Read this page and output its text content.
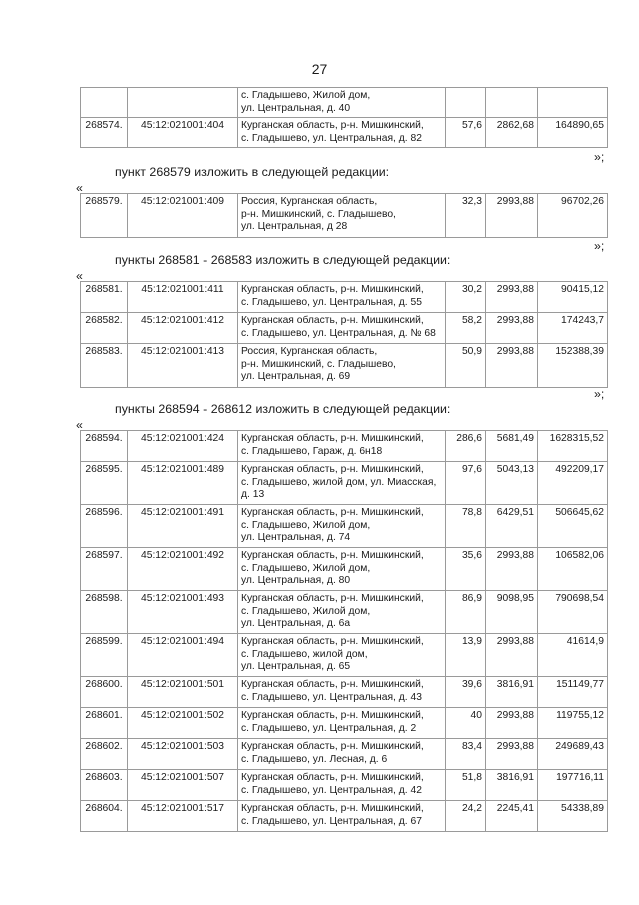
27
		с. Гладышево, Жилой дом,
ул. Центральная, д. 40			
268574.	45:12:021001:404	Курганская область, р-н. Мишкинский,
с. Гладышево, ул. Центральная, д. 82	57,6	2862,68	164890,65
»;
пункт 268579 изложить в следующей редакции:
«
268579.	45:12:021001:409	Россия, Курганская область,
р-н. Мишкинский, с. Гладышево,
ул. Центральная, д 28	32,3	2993,88	96702,26
»;
пункты 268581 - 268583 изложить в следующей редакции:
«
268581.	45:12:021001:411	Курганская область, р-н. Мишкинский,
с. Гладышево, ул. Центральная, д. 55	30,2	2993,88	90415,12
268582.	45:12:021001:412	Курганская область, р-н. Мишкинский,
с. Гладышево, ул. Центральная, д. № 68	58,2	2993,88	174243,7
268583.	45:12:021001:413	Россия, Курганская область,
р-н. Мишкинский, с. Гладышево,
ул. Центральная, д. 69	50,9	2993,88	152388,39
»;
пункты 268594 - 268612 изложить в следующей редакции:
«
268594.	45:12:021001:424	Курганская область, р-н. Мишкинский,
с. Гладышево, Гараж, д. 6н18	286,6	5681,49	1628315,52
268595.	45:12:021001:489	Курганская область, р-н. Мишкинский,
с. Гладышево, жилой дом, ул. Миасская,
д. 13	97,6	5043,13	492209,17
268596.	45:12:021001:491	Курганская область, р-н. Мишкинский,
с. Гладышево, Жилой дом,
ул. Центральная, д. 74	78,8	6429,51	506645,62
268597.	45:12:021001:492	Курганская область, р-н. Мишкинский,
с. Гладышево, Жилой дом,
ул. Центральная, д. 80	35,6	2993,88	106582,06
268598.	45:12:021001:493	Курганская область, р-н. Мишкинский,
с. Гладышево, Жилой дом,
ул. Центральная, д. 6а	86,9	9098,95	790698,54
268599.	45:12:021001:494	Курганская область, р-н. Мишкинский,
с. Гладышево, жилой дом,
ул. Центральная, д. 65	13,9	2993,88	41614,9
268600.	45:12:021001:501	Курганская область, р-н. Мишкинский,
с. Гладышево, ул. Центральная, д. 43	39,6	3816,91	151149,77
268601.	45:12:021001:502	Курганская область, р-н. Мишкинский,
с. Гладышево, ул. Центральная, д. 2	40	2993,88	119755,12
268602.	45:12:021001:503	Курганская область, р-н. Мишкинский,
с. Гладышево, ул. Лесная, д. 6	83,4	2993,88	249689,43
268603.	45:12:021001:507	Курганская область, р-н. Мишкинский,
с. Гладышево, ул. Центральная, д. 42	51,8	3816,91	197716,11
268604.	45:12:021001:517	Курганская область, р-н. Мишкинский,
с. Гладышево, ул. Центральная, д. 67	24,2	2245,41	54338,89
